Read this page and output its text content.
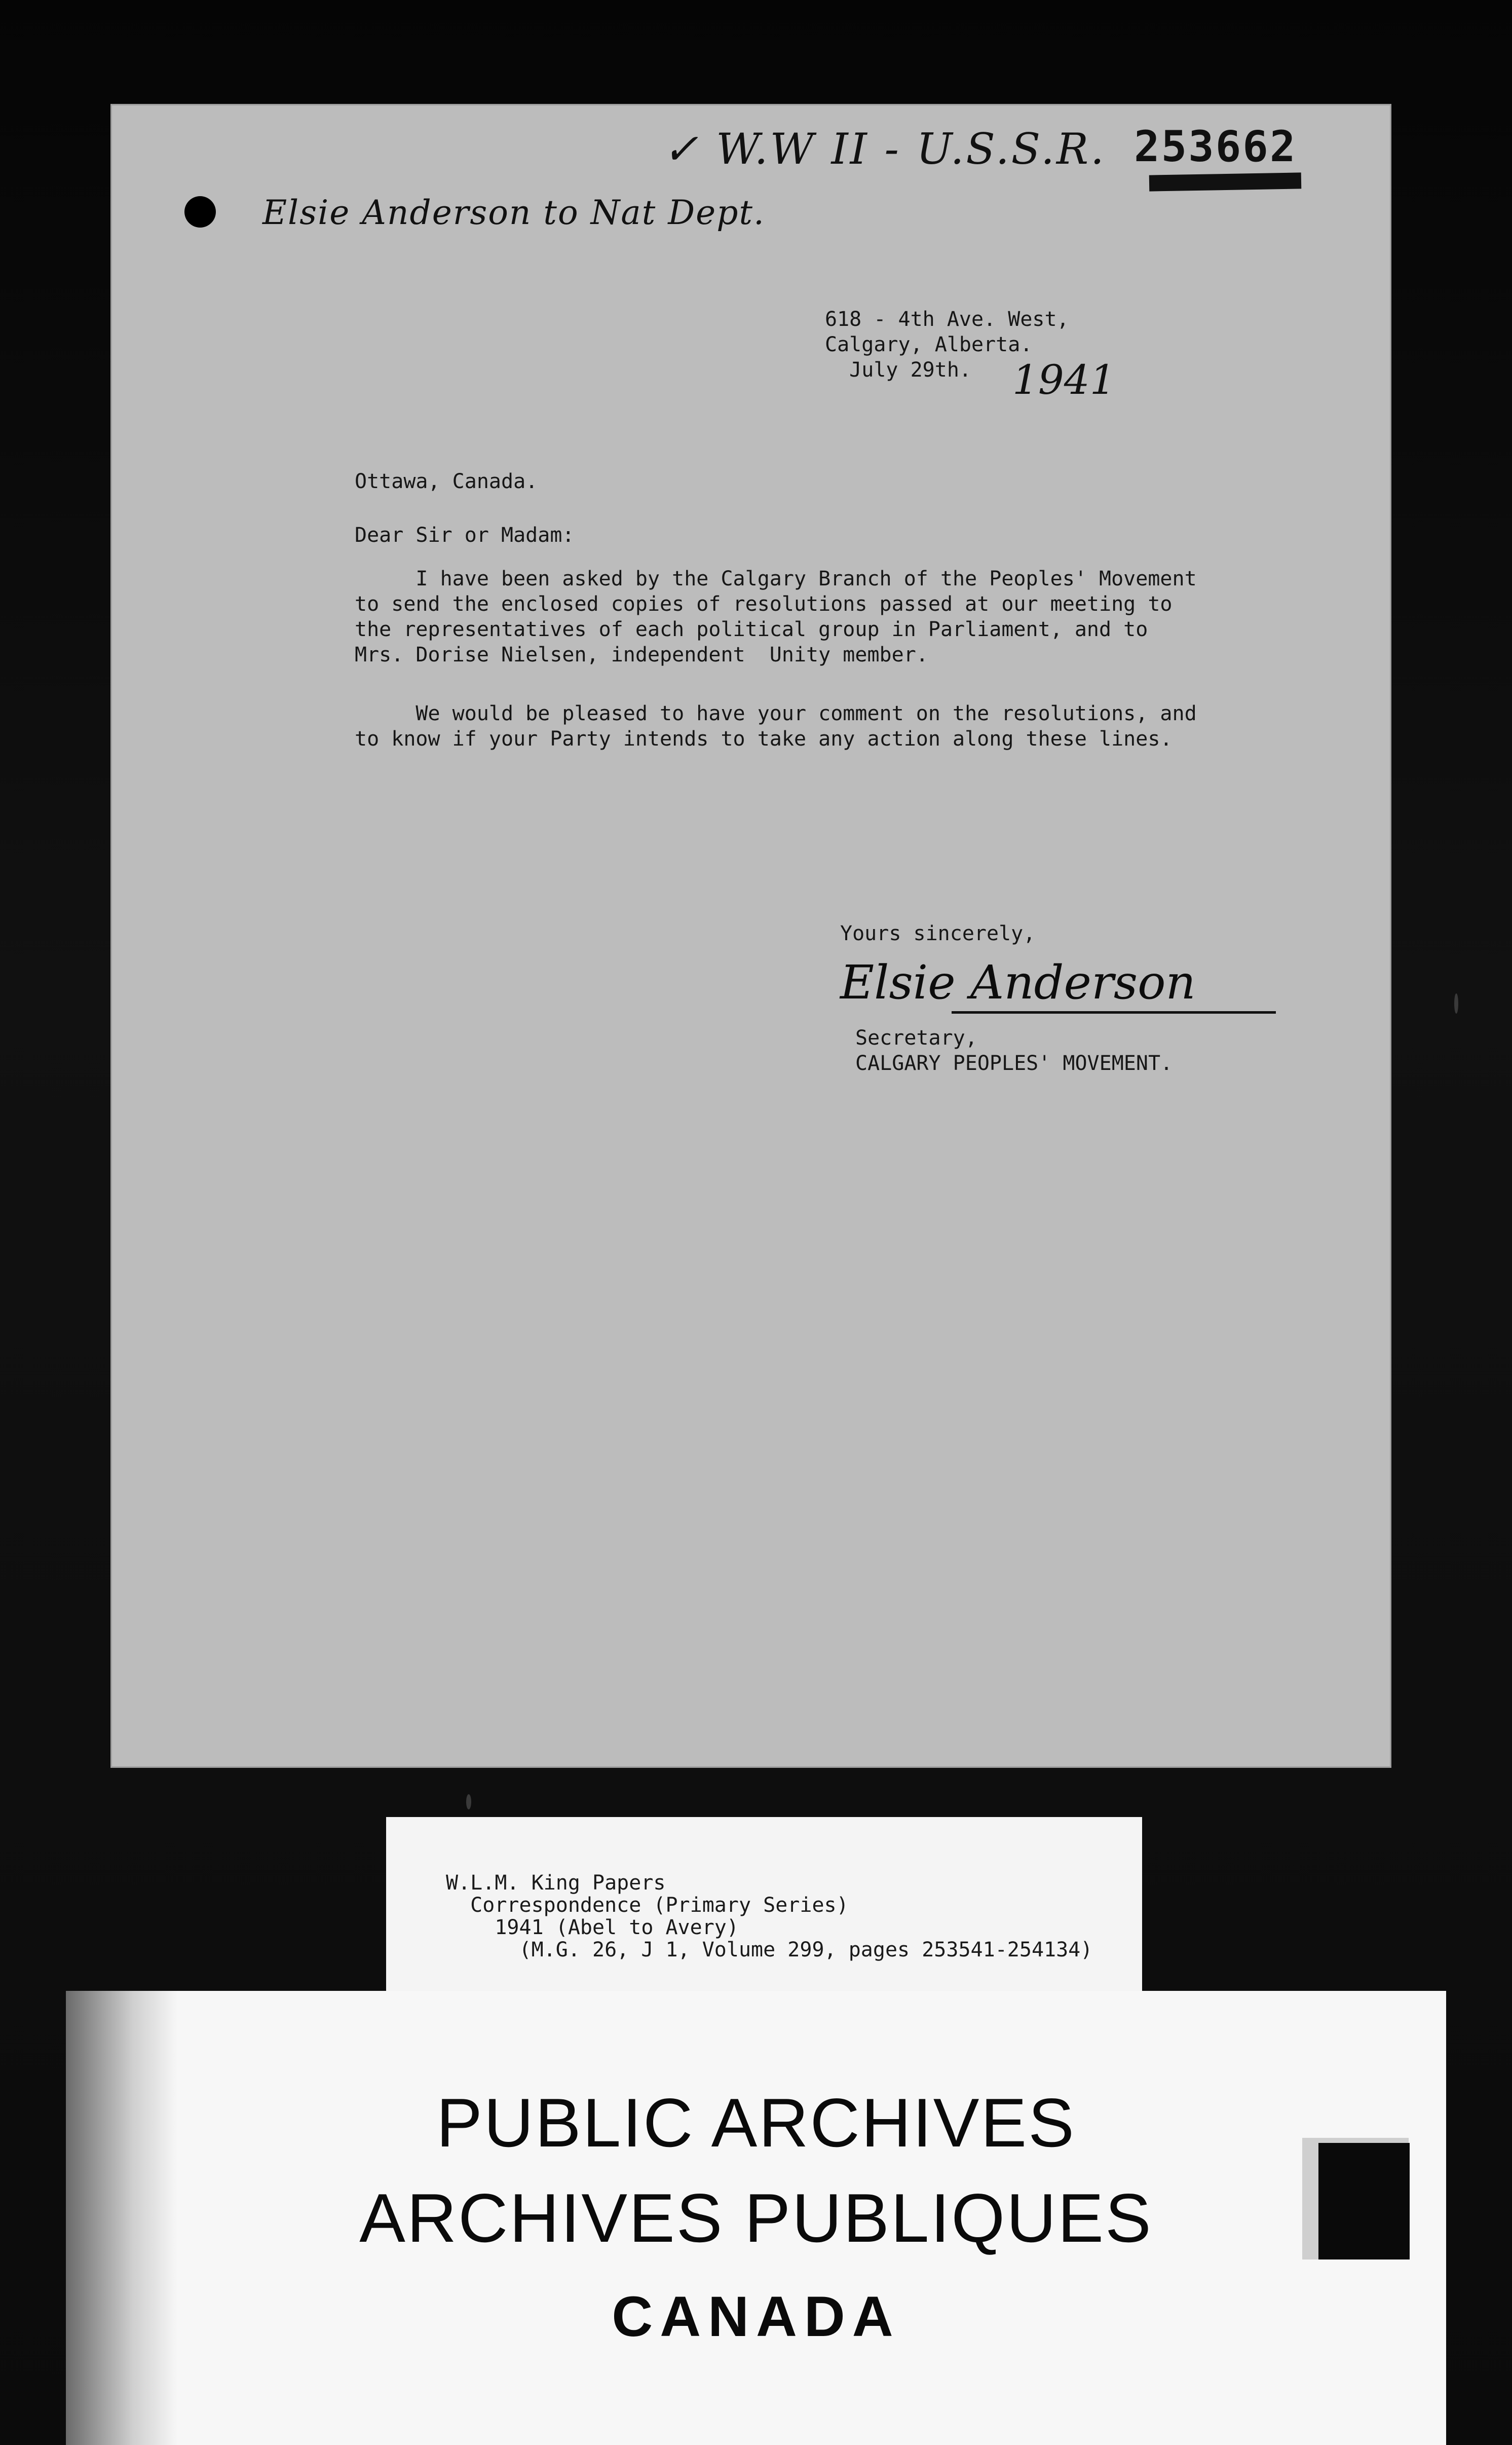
✓ W.W II - U.S.S.R.
Elsie Anderson to Nat Dept.
253662
618 - 4th Ave. West,
Calgary, Alberta.
July 29th.	1941
Ottawa, Canada.
Dear Sir or Madam:
I have been asked by the Calgary Branch of the Peoples' Movement
to send the enclosed copies of resolutions passed at our meeting to
the representatives of each political group in Parliament, and to
Mrs. Dorise Nielsen, independent  Unity member.
We would be pleased to have your comment on the resolutions, and
to know if your Party intends to take any action along these lines.
Yours sincerely,
Elsie Anderson
Secretary,
CALGARY PEOPLES' MOVEMENT.
W.L.M. King Papers
Correspondence (Primary Series)
1941 (Abel to Avery)
(M.G. 26, J 1, Volume 299, pages 253541-254134)
PUBLIC ARCHIVES
ARCHIVES PUBLIQUES
CANADA
